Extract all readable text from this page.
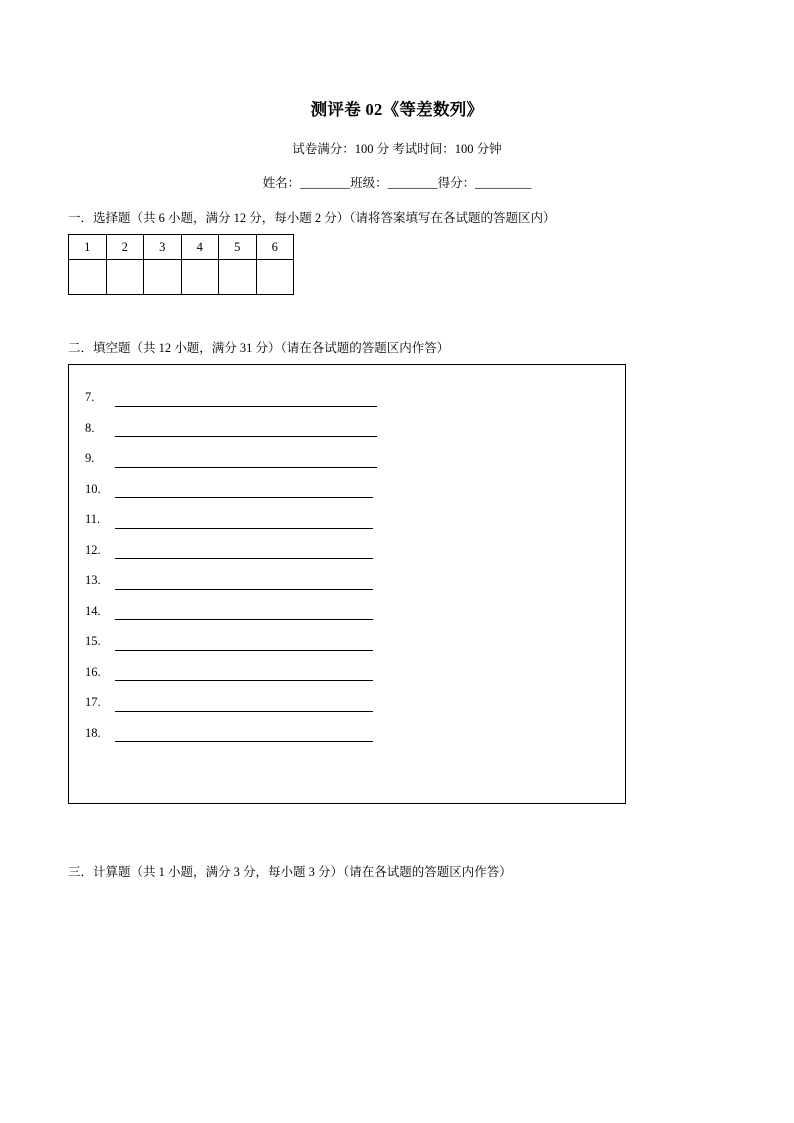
测评卷 02《等差数列》
试卷满分：100 分 考试时间：100 分钟
姓名：________班级：________得分：_________
一．选择题（共 6 小题，满分 12 分，每小题 2 分）（请将答案填写在各试题的答题区内）
1	2	3	4	5	6

二．填空题（共 12 小题，满分 31 分）（请在各试题的答题区内作答）
7.
8.
9.
10.
11.
12.
13.
14.
15.
16.
17.
18.
三．计算题（共 1 小题，满分 3 分，每小题 3 分）（请在各试题的答题区内作答）
